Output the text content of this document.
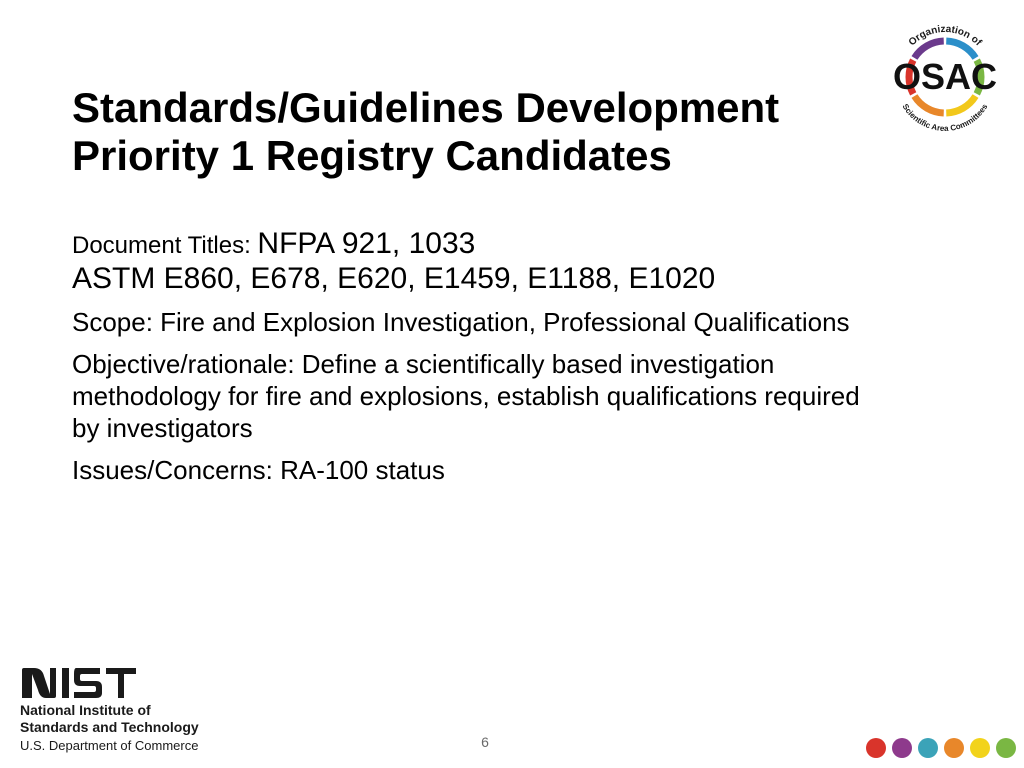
Organization of
OSAC
Scientific Area Committees
Standards/Guidelines Development
Priority 1 Registry Candidates
Document Titles: NFPA 921, 1033
ASTM E860, E678, E620, E1459, E1188, E1020
Scope: Fire and Explosion Investigation, Professional Qualifications
Objective/rationale: Define a scientifically based investigation methodology for fire and explosions, establish qualifications required by investigators
Issues/Concerns: RA-100 status
National Institute of
Standards and Technology
U.S. Department of Commerce	6
